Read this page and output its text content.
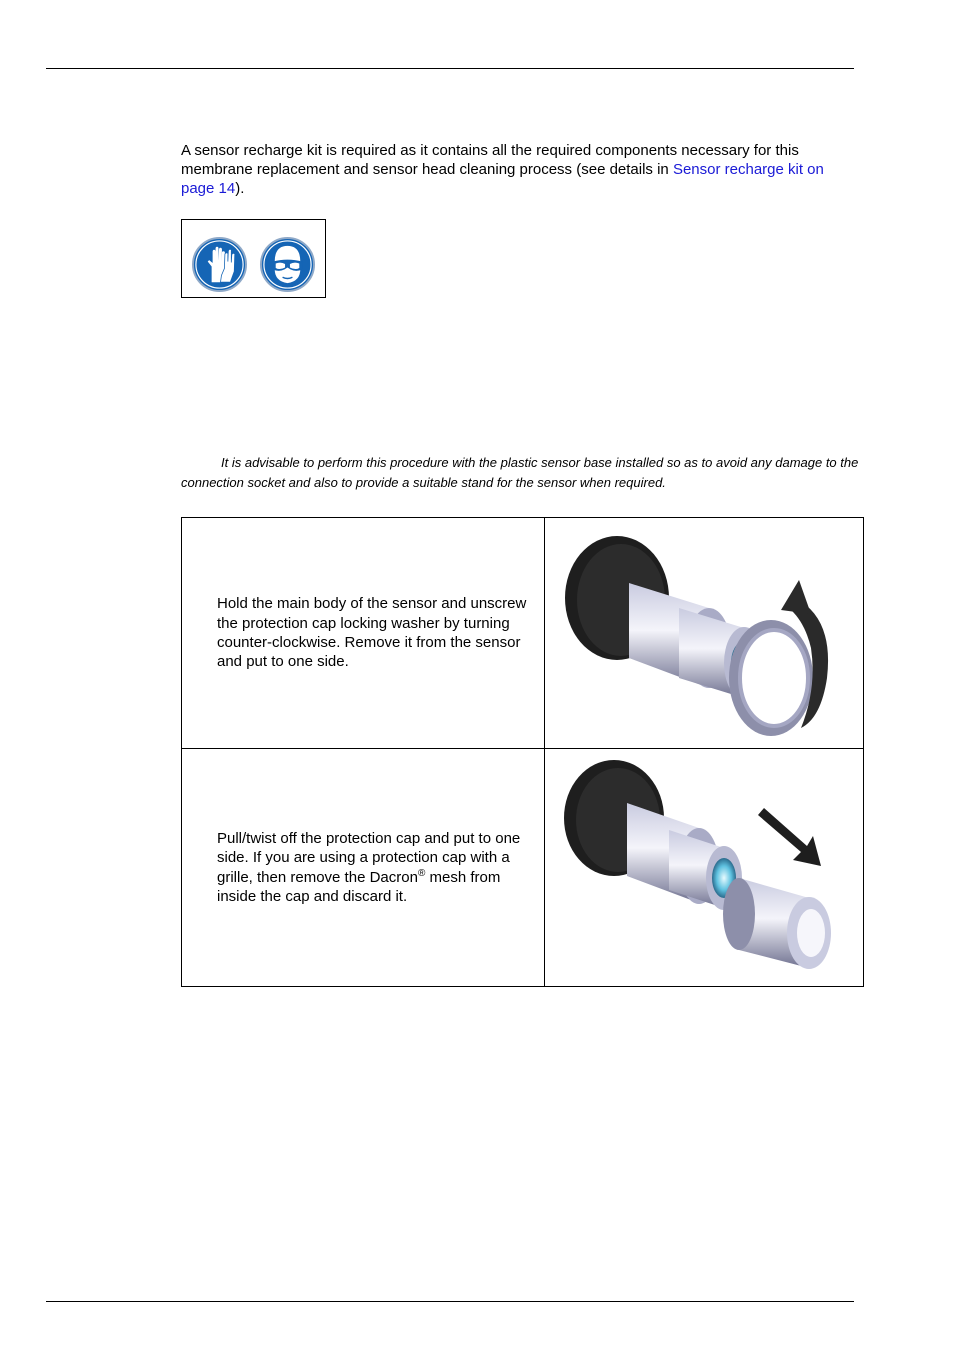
A sensor recharge kit is required as it contains all the required components necessary for this membrane replacement and sensor head cleaning process (see details in Sensor recharge kit on page 14).

It is advisable to perform this procedure with the plastic sensor base installed so as to avoid any damage to the connection socket and also to provide a suitable stand for the sensor when required.

Hold the main body of the sensor and unscrew the protection cap locking washer by turning counter-clockwise. Remove it from the sensor and put to one side.

Pull/twist off the protection cap and put to one side. If you are using a protection cap with a grille, then remove the Dacron® mesh from inside the cap and discard it.
